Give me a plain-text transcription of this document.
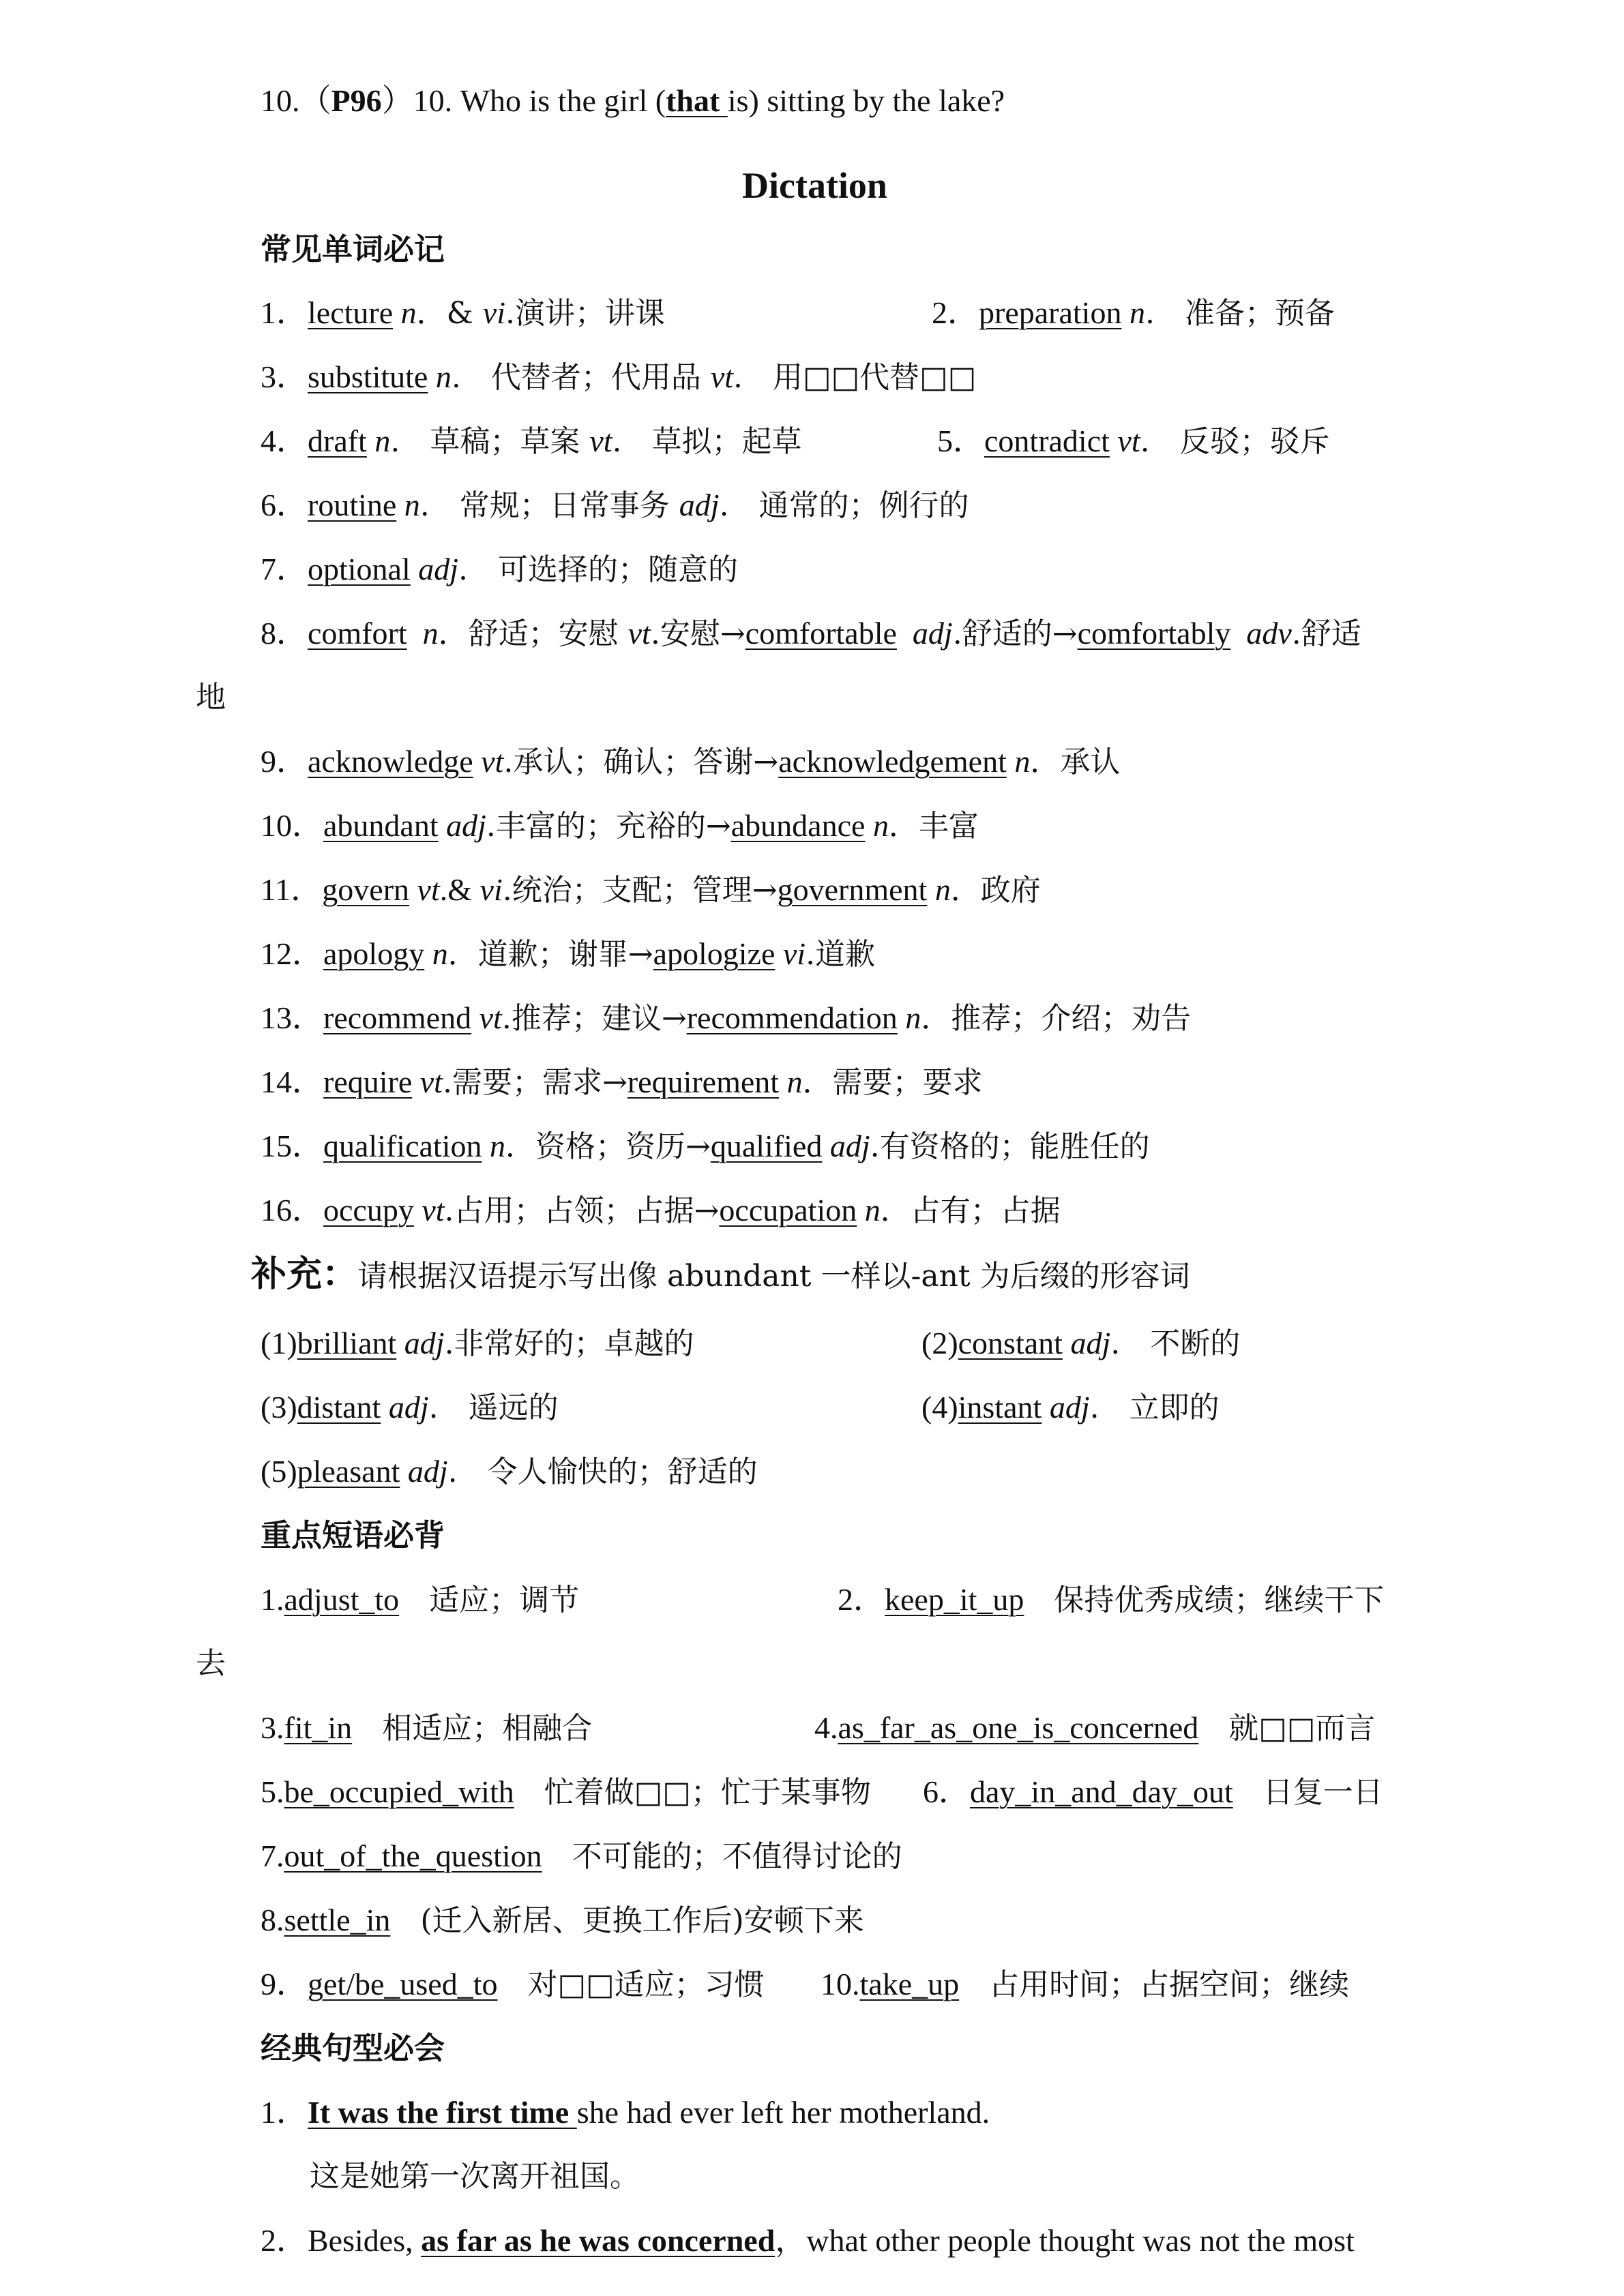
10.（P96）10. Who is the girl (that is) sitting by the lake?
Dictation
常见单词必记
1．lecture n．& vi.演讲；讲课	2．preparation n.　准备；预备
3．substitute n.　代替者；代用品 vt.　用□□代替□□
4．draft n.　草稿；草案 vt.　草拟；起草	5．contradict vt.　反驳；驳斥
6．routine n.　常规；日常事务 adj.　通常的；例行的
7．optional adj.　可选择的；随意的
8．comfort n．舒适；安慰 vt.安慰→comfortable adj.舒适的→comfortably adv.舒适
地
9．acknowledge vt.承认；确认；答谢→acknowledgement n．承认
10．abundant adj.丰富的；充裕的→abundance n．丰富
11．govern vt.& vi.统治；支配；管理→government n．政府
12．apology n．道歉；谢罪→apologize vi.道歉
13．recommend vt.推荐；建议→recommendation n．推荐；介绍；劝告
14．require vt.需要；需求→requirement n．需要；要求
15．qualification n．资格；资历→qualified adj.有资格的；能胜任的
16．occupy vt.占用；占领；占据→occupation n．占有；占据
补充：请根据汉语提示写出像 abundant 一样以-ant 为后缀的形容词
(1)brilliant adj.非常好的；卓越的	(2)constant adj.　不断的
(3)distant adj.　遥远的	(4)instant adj.　立即的
(5)pleasant adj.　令人愉快的；舒适的
重点短语必背
1.adjust_to　适应；调节	2．keep_it_up　保持优秀成绩；继续干下
去
3.fit_in　相适应；相融合	4.as_far_as_one_is_concerned　就□□而言
5.be_occupied_with　忙着做□□；忙于某事物 6．day_in_and_day_out　日复一日
7.out_of_the_question　不可能的；不值得讨论的
8.settle_in　(迁入新居、更换工作后)安顿下来
9．get/be_used_to　对□□适应；习惯 10.take_up　占用时间；占据空间；继续
经典句型必会
1．It was the first time she had ever left her motherland.
这是她第一次离开祖国。
2．Besides, as far as he was concerned，what other people thought was not the most
